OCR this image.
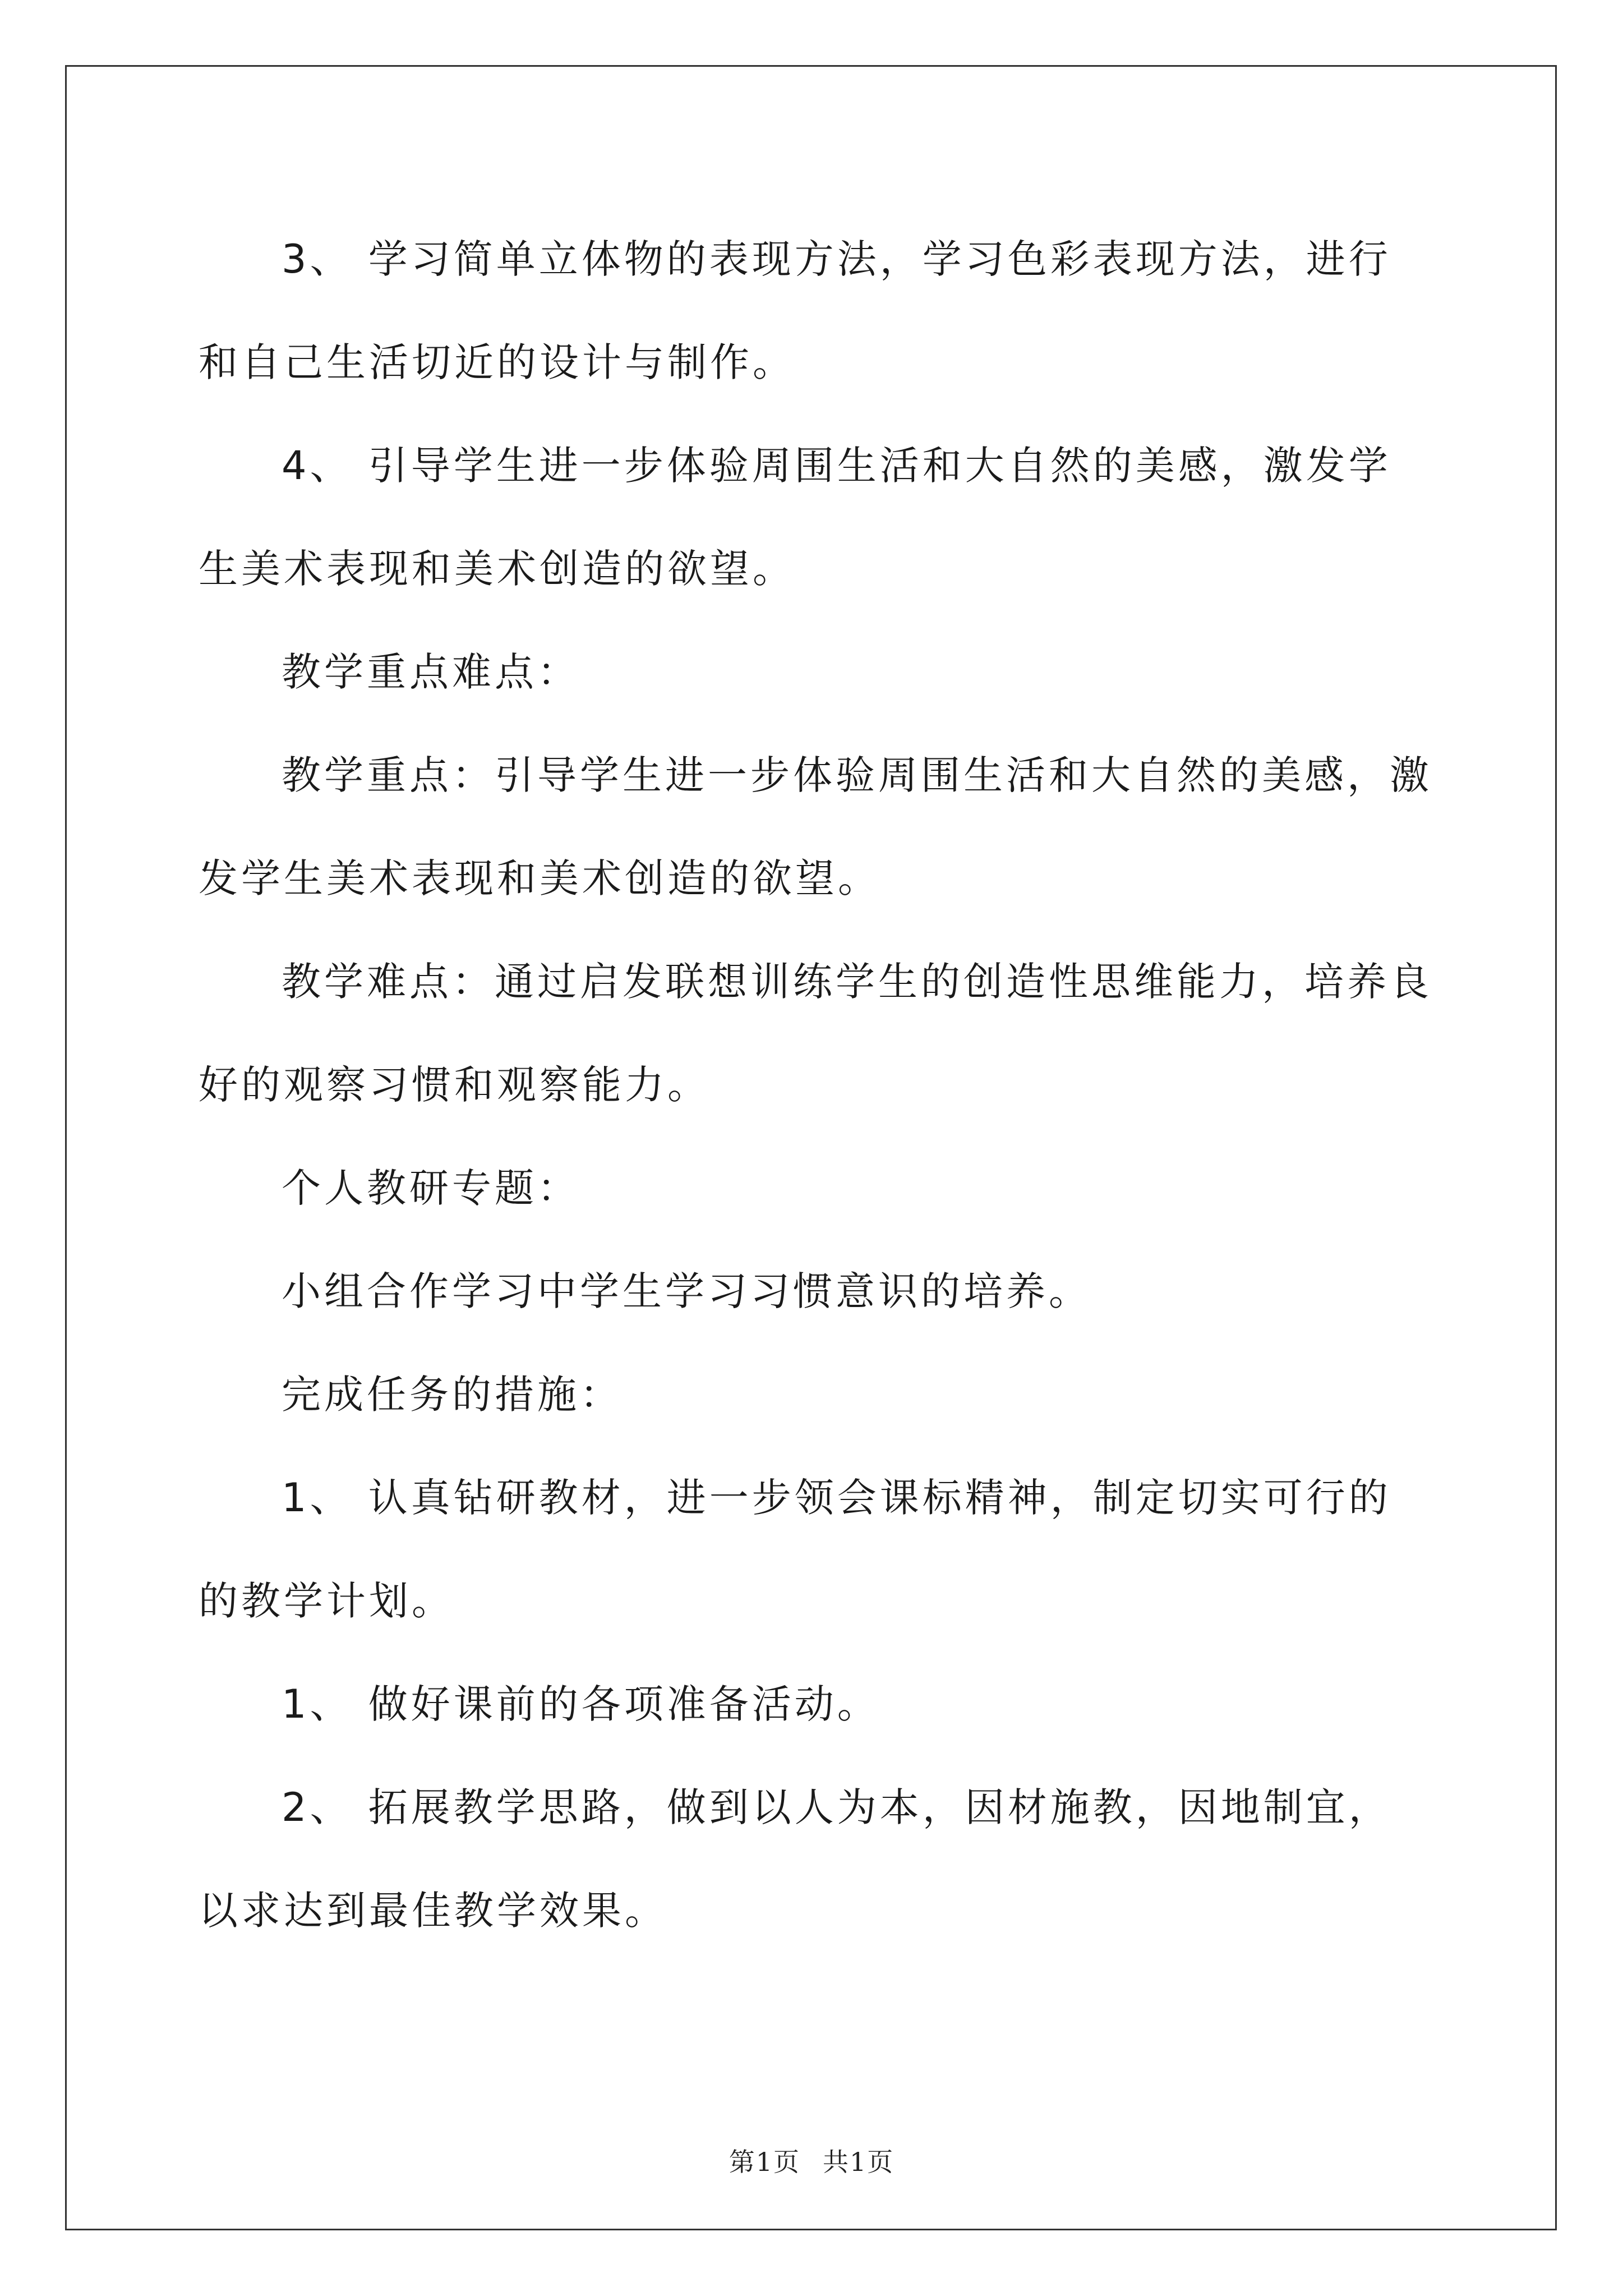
3、 学习简单立体物的表现方法，学习色彩表现方法，进行和自己生活切近的设计与制作。

4、 引导学生进一步体验周围生活和大自然的美感，激发学生美术表现和美术创造的欲望。

教学重点难点：

教学重点：引导学生进一步体验周围生活和大自然的美感，激发学生美术表现和美术创造的欲望。

教学难点：通过启发联想训练学生的创造性思维能力，培养良好的观察习惯和观察能力。

个人教研专题：

小组合作学习中学生学习习惯意识的培养。

完成任务的措施：

1、 认真钻研教材，进一步领会课标精神，制定切实可行的的教学计划。

1、 做好课前的各项准备活动。

2、 拓展教学思路，做到以人为本，因材施教，因地制宜，以求达到最佳教学效果。

第1页 共1页
